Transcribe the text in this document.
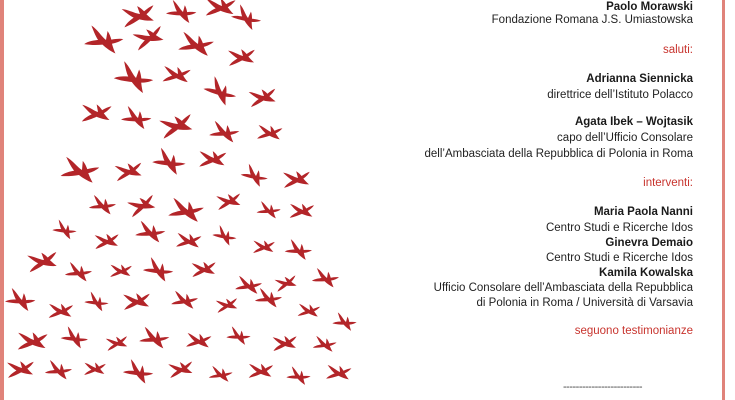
Paolo Morawski
Fondazione Romana J.S. Umiastowska
saluti:
Adrianna Siennicka
direttrice dell’Istituto Polacco
Agata Ibek – Wojtasik
capo dell’Ufficio Consolare
dell’Ambasciata della Repubblica di Polonia in Roma
interventi:
Maria Paola Nanni
Centro Studi e Ricerche Idos
Ginevra Demaio
Centro Studi e Ricerche Idos
Kamila Kowalska
Ufficio Consolare dell’Ambasciata della Repubblica
di Polonia in Roma / Università di Varsavia
seguono testimonianze
-------------------------
